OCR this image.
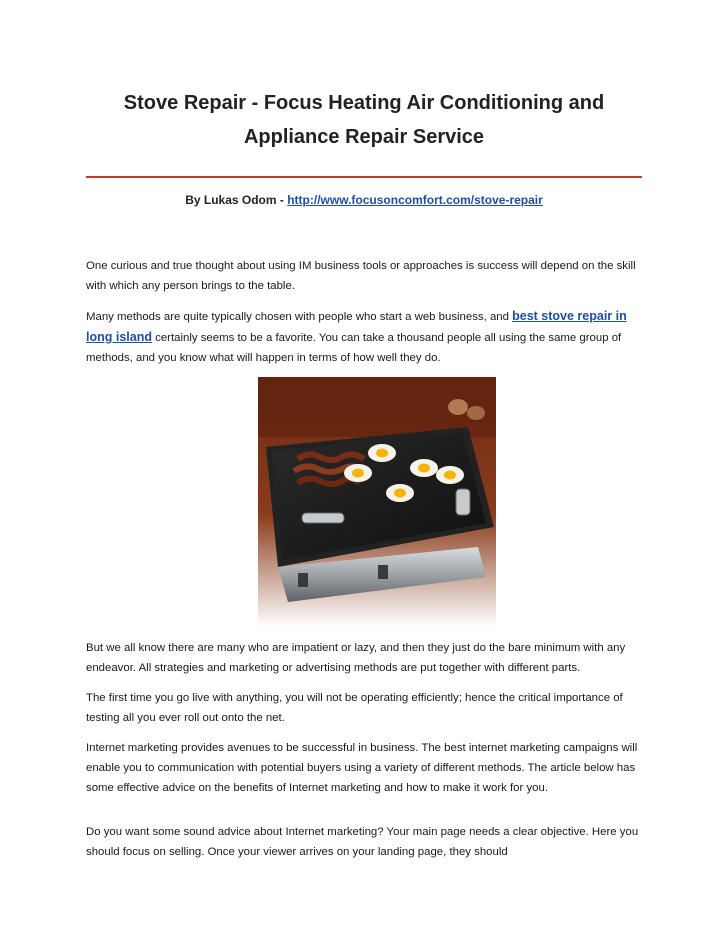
Stove Repair - Focus Heating Air Conditioning and
Appliance Repair Service
By Lukas Odom - http://www.focusoncomfort.com/stove-repair
One curious and true thought about using IM business tools or approaches is success will depend on the skill with which any person brings to the table.
Many methods are quite typically chosen with people who start a web business, and best stove repair in long island certainly seems to be a favorite. You can take a thousand people all using the same group of methods, and you know what will happen in terms of how well they do.
But we all know there are many who are impatient or lazy, and then they just do the bare minimum with any endeavor. All strategies and marketing or advertising methods are put together with different parts.
The first time you go live with anything, you will not be operating efficiently; hence the critical importance of testing all you ever roll out onto the net.
Internet marketing provides avenues to be successful in business. The best internet marketing campaigns will enable you to communication with potential buyers using a variety of different methods. The article below has some effective advice on the benefits of Internet marketing and how to make it work for you.
Do you want some sound advice about Internet marketing? Your main page needs a clear objective. Here you should focus on selling. Once your viewer arrives on your landing page, they should
